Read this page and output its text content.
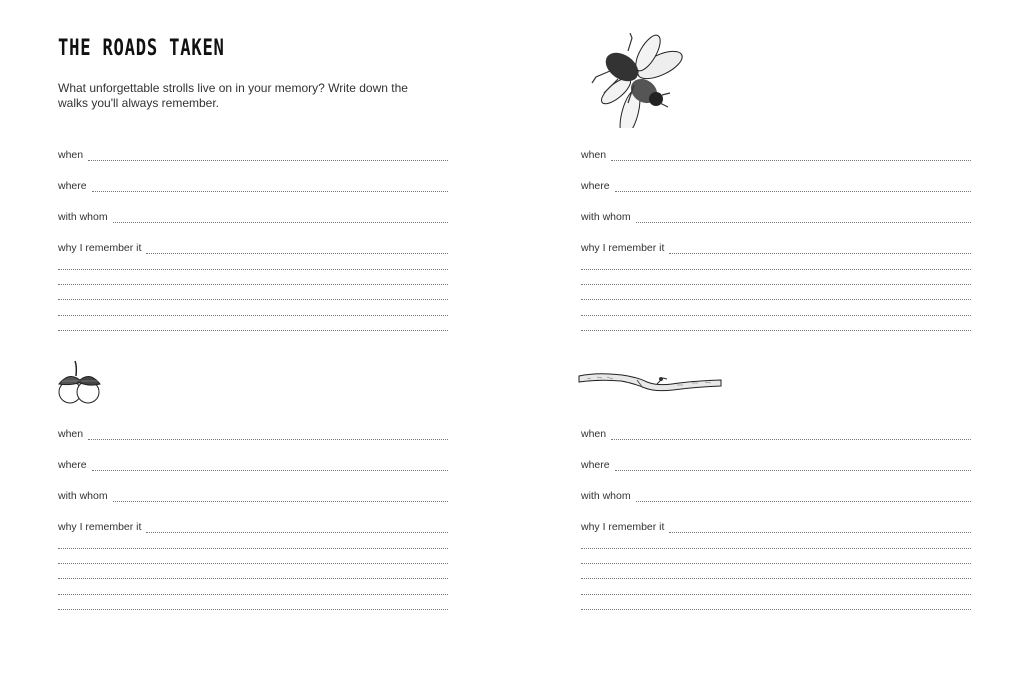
THE ROADS TAKEN
What unforgettable strolls live on in your memory? Write down the walks you'll always remember.
when
where
with whom
why I remember it
when
where
with whom
why I remember it
when
where
with whom
why I remember it
when
where
with whom
why I remember it
